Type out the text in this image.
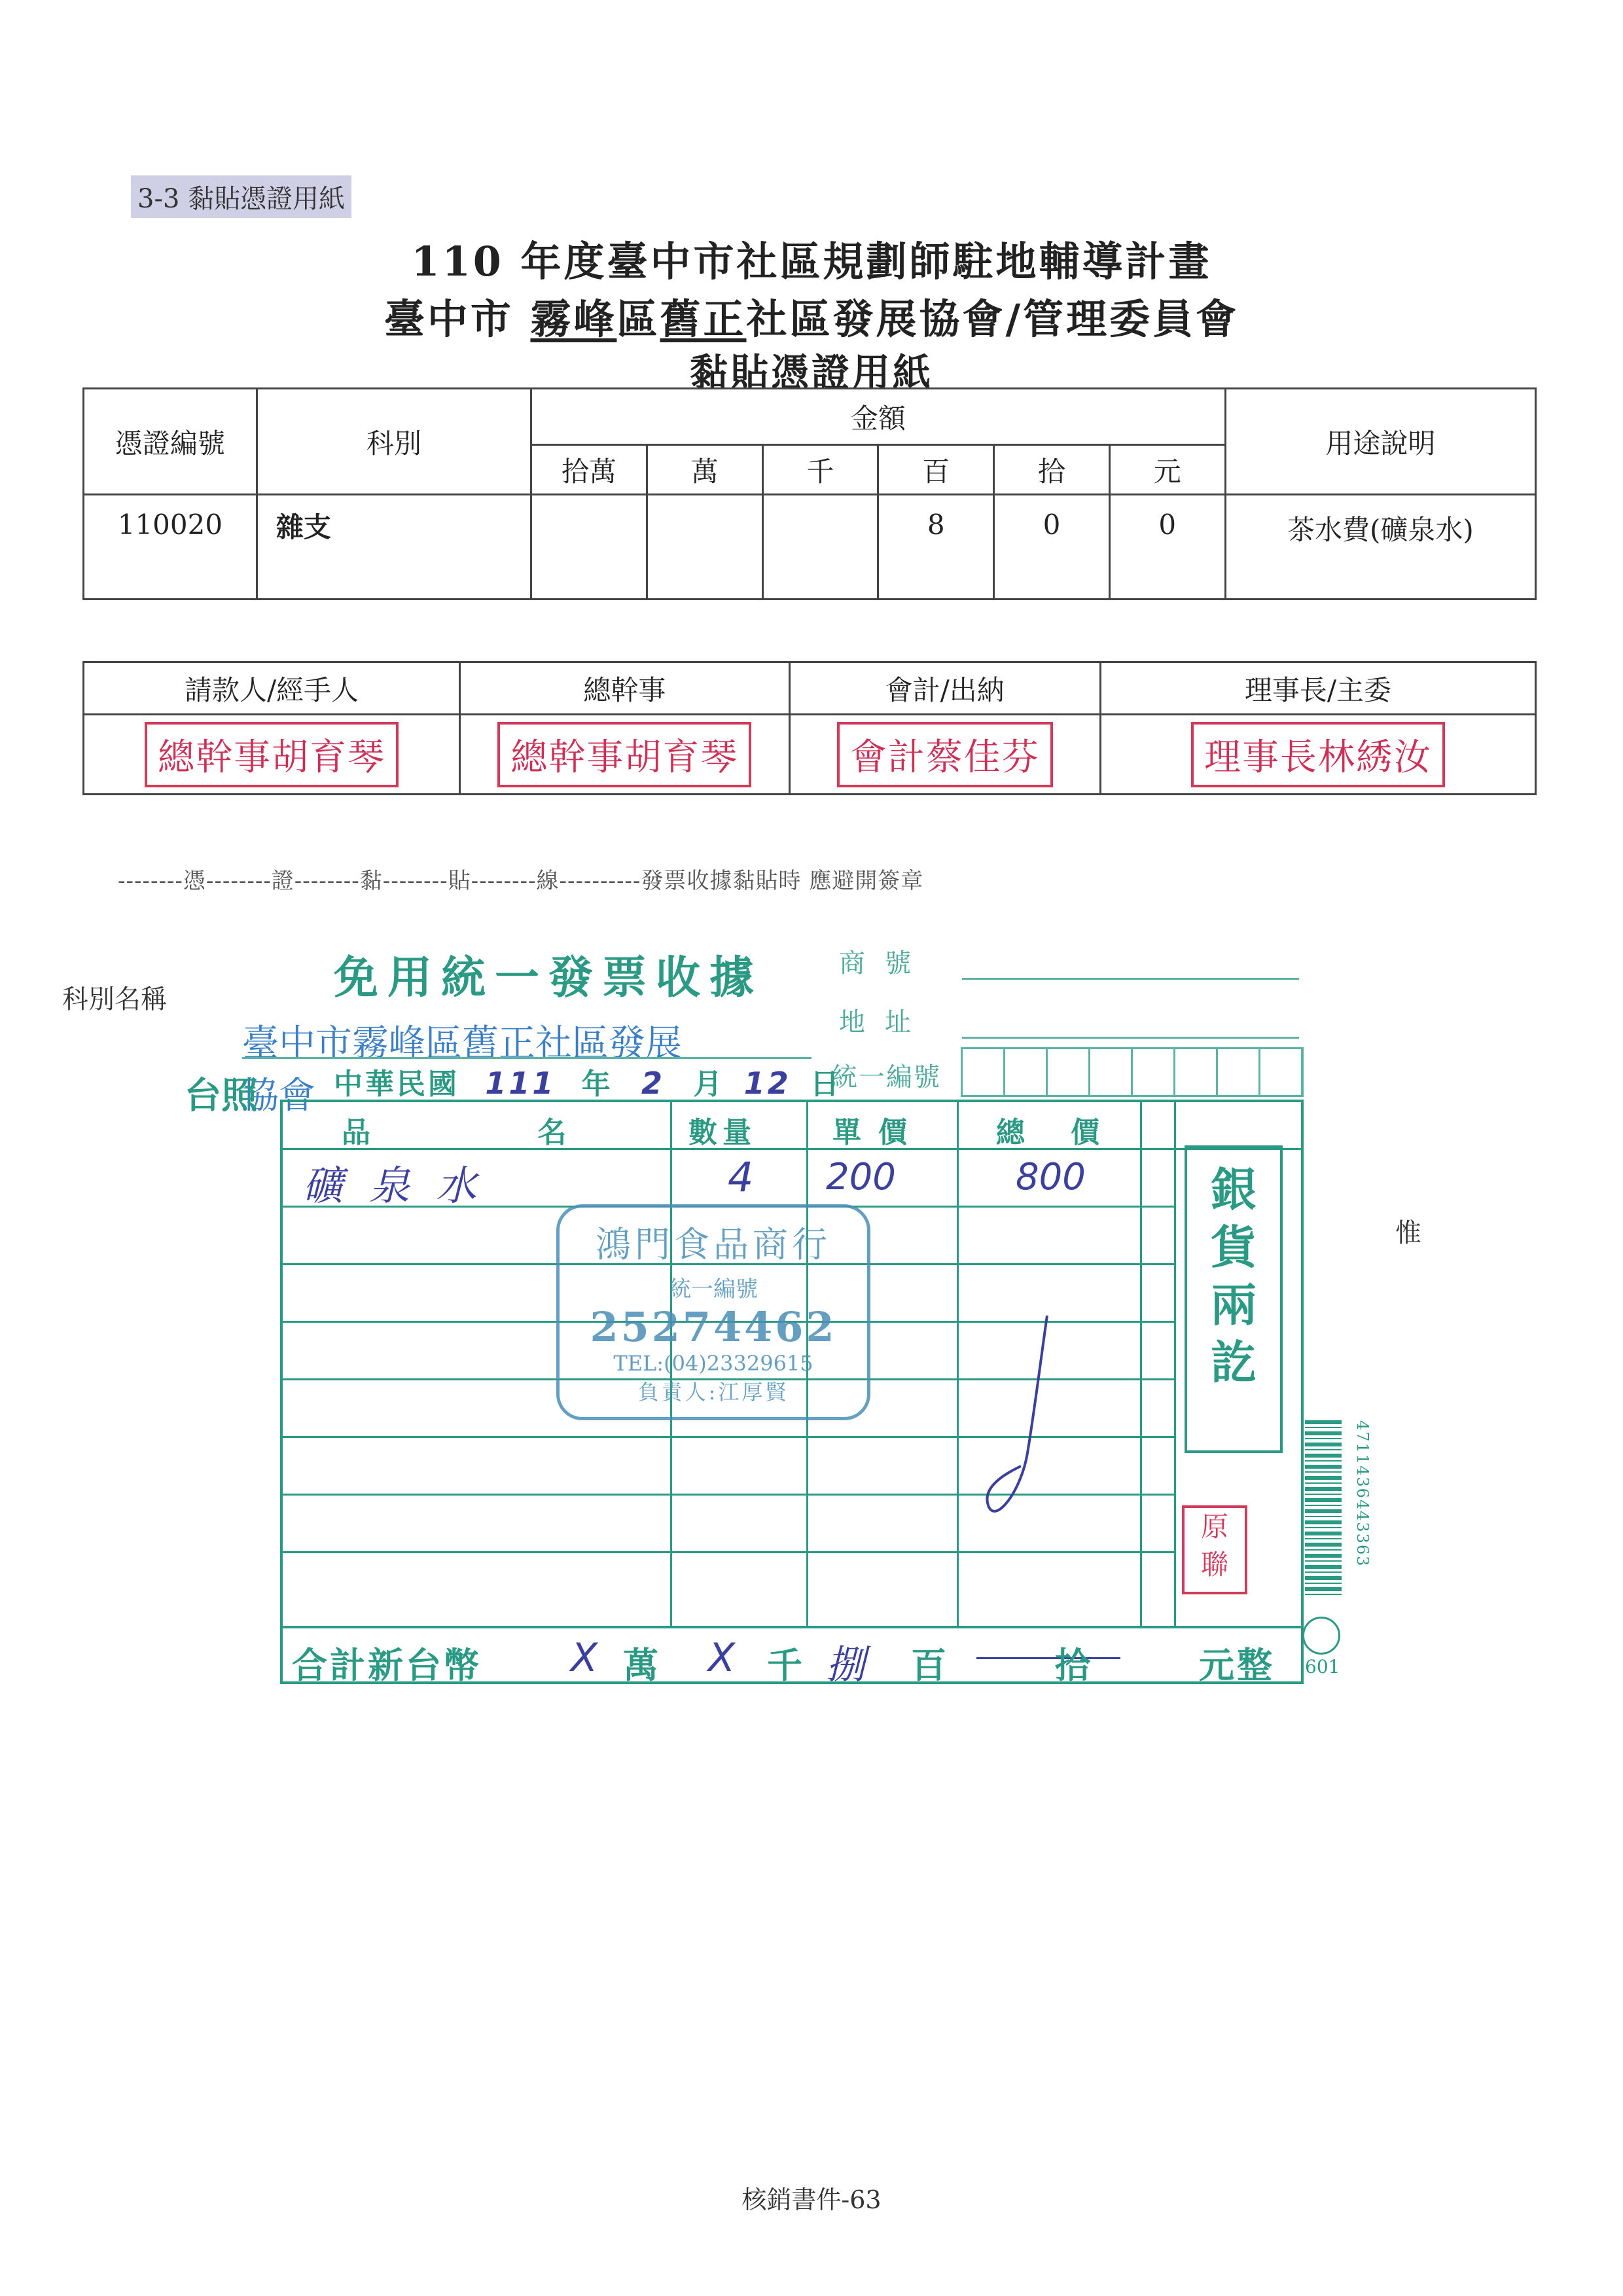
3-3 黏貼憑證用紙
110 年度臺中市社區規劃師駐地輔導計畫
臺中市 霧峰區舊正社區發展協會/管理委員會
黏貼憑證用紙
憑證編號	科別	金額						用途說明
		拾萬	萬	千	百	拾	元	
110020	雜支				8	0	0	茶水費(礦泉水)
請款人/經手人	總幹事	會計/出納	理事長/主委
總幹事胡育琴	總幹事胡育琴	會計蔡佳芬	理事長林綉汝
--------憑--------證--------黏--------貼--------線----------發票收據黏貼時 應避開簽章
科別名稱
惟
免用統一發票收據	商號
地址
統一編號
臺中市霧峰區舊正社區發展協會台照	中華民國 111 年 2 月 12 日
品 名 數量	單價	總價
礦泉水	4 200	800
合計新台幣 X 萬 X 千 捌 百	拾	元整
鴻門食品商行
統一編號
25274462
TEL:(04)23329615
負責人:江厚賢
銀
貨
兩
訖
原
聯	4711436443363
601
核銷書件-63
